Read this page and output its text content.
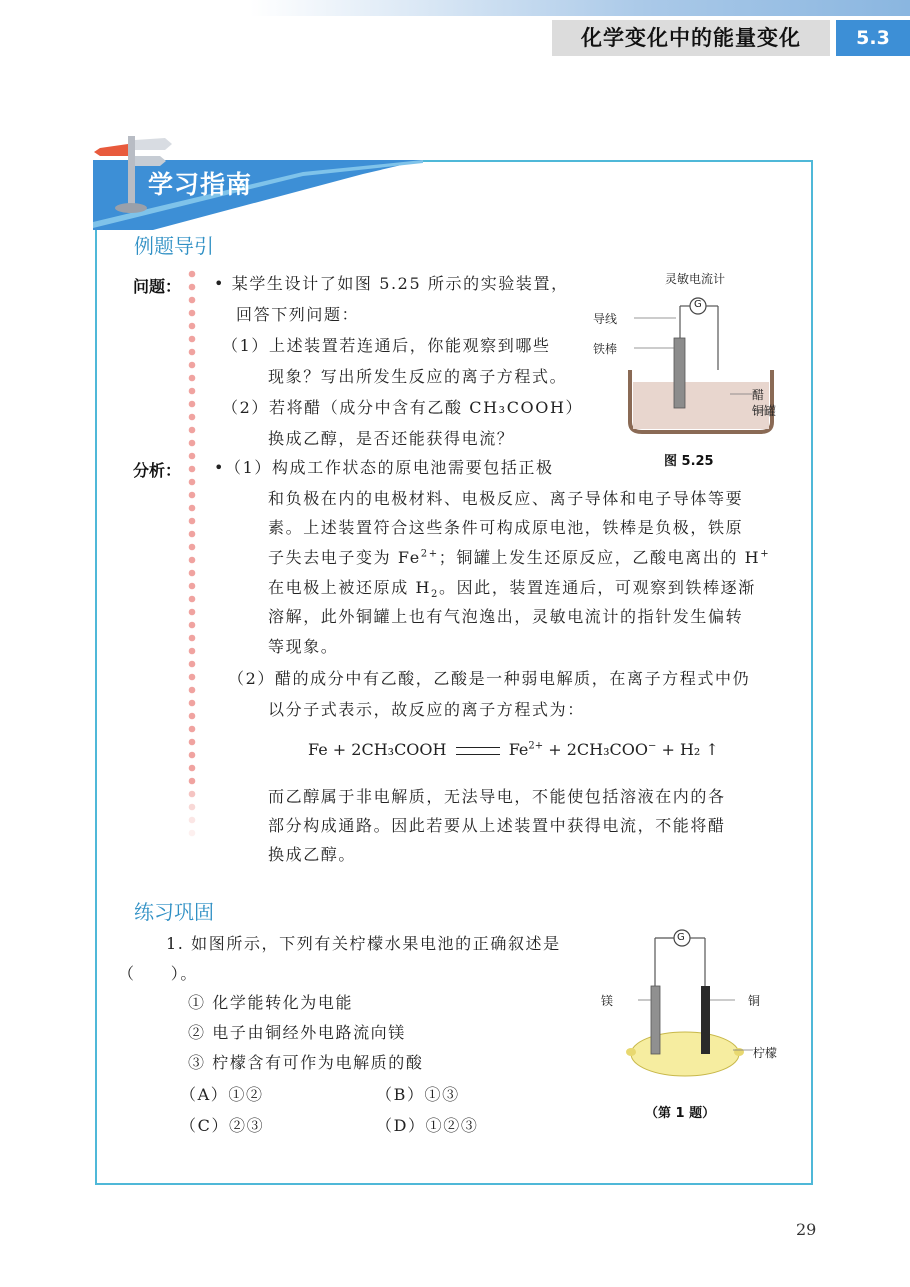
化学变化中的能量变化	5.3
学习指南
例题导引
问题：
分析：
• 某学生设计了如图 5.25 所示的实验装置，
回答下列问题：
（1）上述装置若连通后，你能观察到哪些
现象？写出所发生反应的离子方程式。
（2）若将醋（成分中含有乙酸 CH₃COOH）
换成乙醇，是否还能获得电流？
•（1）构成工作状态的原电池需要包括正极
和负极在内的电极材料、电极反应、离子导体和电子导体等要
素。上述装置符合这些条件可构成原电池，铁棒是负极，铁原
子失去电子变为 $Fe^{2+}$；铜罐上发生还原反应，乙酸电离出的 H+
在电极上被还原成 $H_2$。因此，装置连通后，可观察到铁棒逐渐
溶解，此外铜罐上也有气泡逸出，灵敏电流计的指针发生偏转
等现象。
（2）醋的成分中有乙酸，乙酸是一种弱电解质，在离子方程式中仍
以分子式表示，故反应的离子方程式为：
Fe + 2CH₃COOH	$Fe^{2+} + 2CH_3COO^- + H_2$ ↑
而乙醇属于非电解质，无法导电，不能使包括溶液在内的各
部分构成通路。因此若要从上述装置中获得电流，不能将醋
换成乙醇。
灵敏电流计
G
导线
铁棒
醋
铜罐
图 5.25
练习巩固
1. 如图所示，下列有关柠檬水果电池的正确叙述是
（　　）。
① 化学能转化为电能
② 电子由铜经外电路流向镁
③ 柠檬含有可作为电解质的酸
（A）①②	（B）①③
（C）②③	（D）①②③
G
镁	铜
柠檬
（第 1 题）
29
